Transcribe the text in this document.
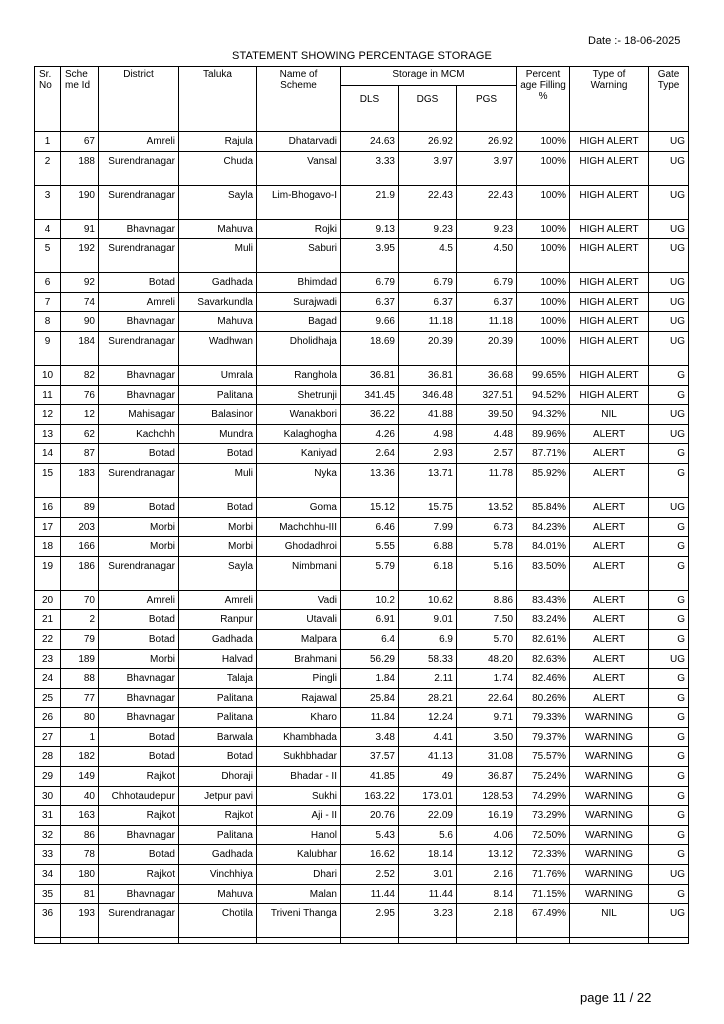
Date :- 18-06-2025
STATEMENT SHOWING PERCENTAGE STORAGE
Sr. No	Sche me Id	District	Taluka	Name of Scheme	Storage in MCM			Percent age Filling %	Type of Warning	Gate Type
					DLS	DGS	PGS			
1	67	Amreli	Rajula	Dhatarvadi	24.63	26.92	26.92	100%	HIGH ALERT	UG
2	188	Surendranagar	Chuda	Vansal	3.33	3.97	3.97	100%	HIGH ALERT	UG
3	190	Surendranagar	Sayla	Lim-Bhogavo-I	21.9	22.43	22.43	100%	HIGH ALERT	UG
4	91	Bhavnagar	Mahuva	Rojki	9.13	9.23	9.23	100%	HIGH ALERT	UG
5	192	Surendranagar	Muli	Saburi	3.95	4.5	4.50	100%	HIGH ALERT	UG
6	92	Botad	Gadhada	Bhimdad	6.79	6.79	6.79	100%	HIGH ALERT	UG
7	74	Amreli	Savarkundla	Surajwadi	6.37	6.37	6.37	100%	HIGH ALERT	UG
8	90	Bhavnagar	Mahuva	Bagad	9.66	11.18	11.18	100%	HIGH ALERT	UG
9	184	Surendranagar	Wadhwan	Dholidhaja	18.69	20.39	20.39	100%	HIGH ALERT	UG
10	82	Bhavnagar	Umrala	Ranghola	36.81	36.81	36.68	99.65%	HIGH ALERT	G
11	76	Bhavnagar	Palitana	Shetrunji	341.45	346.48	327.51	94.52%	HIGH ALERT	G
12	12	Mahisagar	Balasinor	Wanakbori	36.22	41.88	39.50	94.32%	NIL	UG
13	62	Kachchh	Mundra	Kalaghogha	4.26	4.98	4.48	89.96%	ALERT	UG
14	87	Botad	Botad	Kaniyad	2.64	2.93	2.57	87.71%	ALERT	G
15	183	Surendranagar	Muli	Nyka	13.36	13.71	11.78	85.92%	ALERT	G
16	89	Botad	Botad	Goma	15.12	15.75	13.52	85.84%	ALERT	UG
17	203	Morbi	Morbi	Machchhu-III	6.46	7.99	6.73	84.23%	ALERT	G
18	166	Morbi	Morbi	Ghodadhroi	5.55	6.88	5.78	84.01%	ALERT	G
19	186	Surendranagar	Sayla	Nimbmani	5.79	6.18	5.16	83.50%	ALERT	G
20	70	Amreli	Amreli	Vadi	10.2	10.62	8.86	83.43%	ALERT	G
21	2	Botad	Ranpur	Utavali	6.91	9.01	7.50	83.24%	ALERT	G
22	79	Botad	Gadhada	Malpara	6.4	6.9	5.70	82.61%	ALERT	G
23	189	Morbi	Halvad	Brahmani	56.29	58.33	48.20	82.63%	ALERT	UG
24	88	Bhavnagar	Talaja	Pingli	1.84	2.11	1.74	82.46%	ALERT	G
25	77	Bhavnagar	Palitana	Rajawal	25.84	28.21	22.64	80.26%	ALERT	G
26	80	Bhavnagar	Palitana	Kharo	11.84	12.24	9.71	79.33%	WARNING	G
27	1	Botad	Barwala	Khambhada	3.48	4.41	3.50	79.37%	WARNING	G
28	182	Botad	Botad	Sukhbhadar	37.57	41.13	31.08	75.57%	WARNING	G
29	149	Rajkot	Dhoraji	Bhadar - II	41.85	49	36.87	75.24%	WARNING	G
30	40	Chhotaudepur	Jetpur pavi	Sukhi	163.22	173.01	128.53	74.29%	WARNING	G
31	163	Rajkot	Rajkot	Aji - II	20.76	22.09	16.19	73.29%	WARNING	G
32	86	Bhavnagar	Palitana	Hanol	5.43	5.6	4.06	72.50%	WARNING	G
33	78	Botad	Gadhada	Kalubhar	16.62	18.14	13.12	72.33%	WARNING	G
34	180	Rajkot	Vinchhiya	Dhari	2.52	3.01	2.16	71.76%	WARNING	UG
35	81	Bhavnagar	Mahuva	Malan	11.44	11.44	8.14	71.15%	WARNING	G
36	193	Surendranagar	Chotila	Triveni Thanga	2.95	3.23	2.18	67.49%	NIL	UG

page 11 / 22
